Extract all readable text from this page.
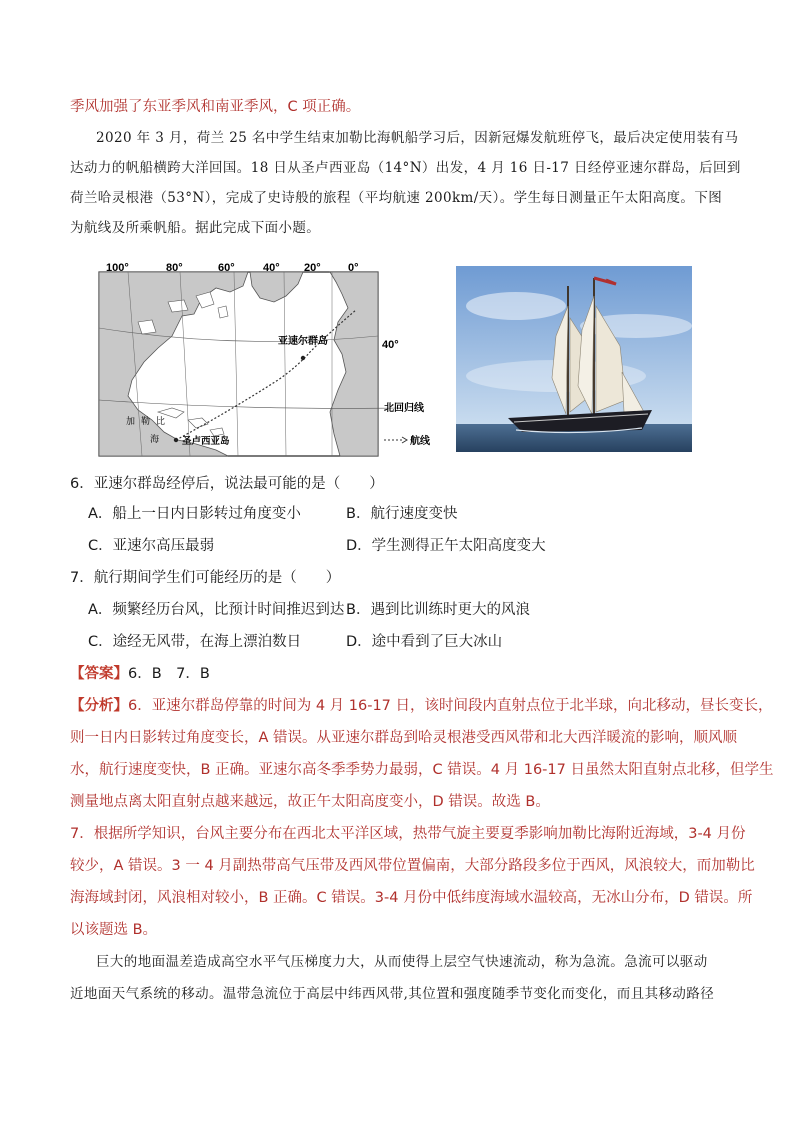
季风加强了东亚季风和南亚季风，C 项正确。
2020 年 3 月，荷兰 25 名中学生结束加勒比海帆船学习后，因新冠爆发航班停飞，最后决定使用装有马
达动力的帆船横跨大洋回国。18 日从圣卢西亚岛（14°N）出发，4 月 16 日-17 日经停亚速尔群岛，后回到
荷兰哈灵根港（53°N），完成了史诗般的旅程（平均航速 200km/天）。学生每日测量正午太阳高度。下图
为航线及所乘帆船。据此完成下面小题。
100°	80°	60°	40° 20° 0°
40°
亚速尔群岛
北回归线
圣卢西亚岛
加勒比
海	航线
6．亚速尔群岛经停后，说法最可能的是（　　）
A．船上一日内日影转过角度变小	B．航行速度变快
C．亚速尔高压最弱	D．学生测得正午太阳高度变大
7．航行期间学生们可能经历的是（　　）
A．频繁经历台风，比预计时间推迟到达 B．遇到比训练时更大的风浪
C．途经无风带，在海上漂泊数日	D．途中看到了巨大冰山
【答案】6．B　7．B
【分析】6．亚速尔群岛停靠的时间为 4 月 16-17 日，该时间段内直射点位于北半球，向北移动，昼长变长，
则一日内日影转过角度变长，A 错误。从亚速尔群岛到哈灵根港受西风带和北大西洋暖流的影响，顺风顺
水，航行速度变快，B 正确。亚速尔高冬季季势力最弱，C 错误。4 月 16-17 日虽然太阳直射点北移，但学生
测量地点离太阳直射点越来越远，故正午太阳高度变小，D 错误。故选 B。
7．根据所学知识，台风主要分布在西北太平洋区域，热带气旋主要夏季影响加勒比海附近海域，3-4 月份
较少，A 错误。3 一 4 月副热带高气压带及西风带位置偏南，大部分路段多位于西风，风浪较大，而加勒比
海海域封闭，风浪相对较小，B 正确。C 错误。3-4 月份中低纬度海域水温较高，无冰山分布，D 错误。所
以该题选 B。
巨大的地面温差造成高空水平气压梯度力大，从而使得上层空气快速流动，称为急流。急流可以驱动
近地面天气系统的移动。温带急流位于高层中纬西风带,其位置和强度随季节变化而变化，而且其移动路径
